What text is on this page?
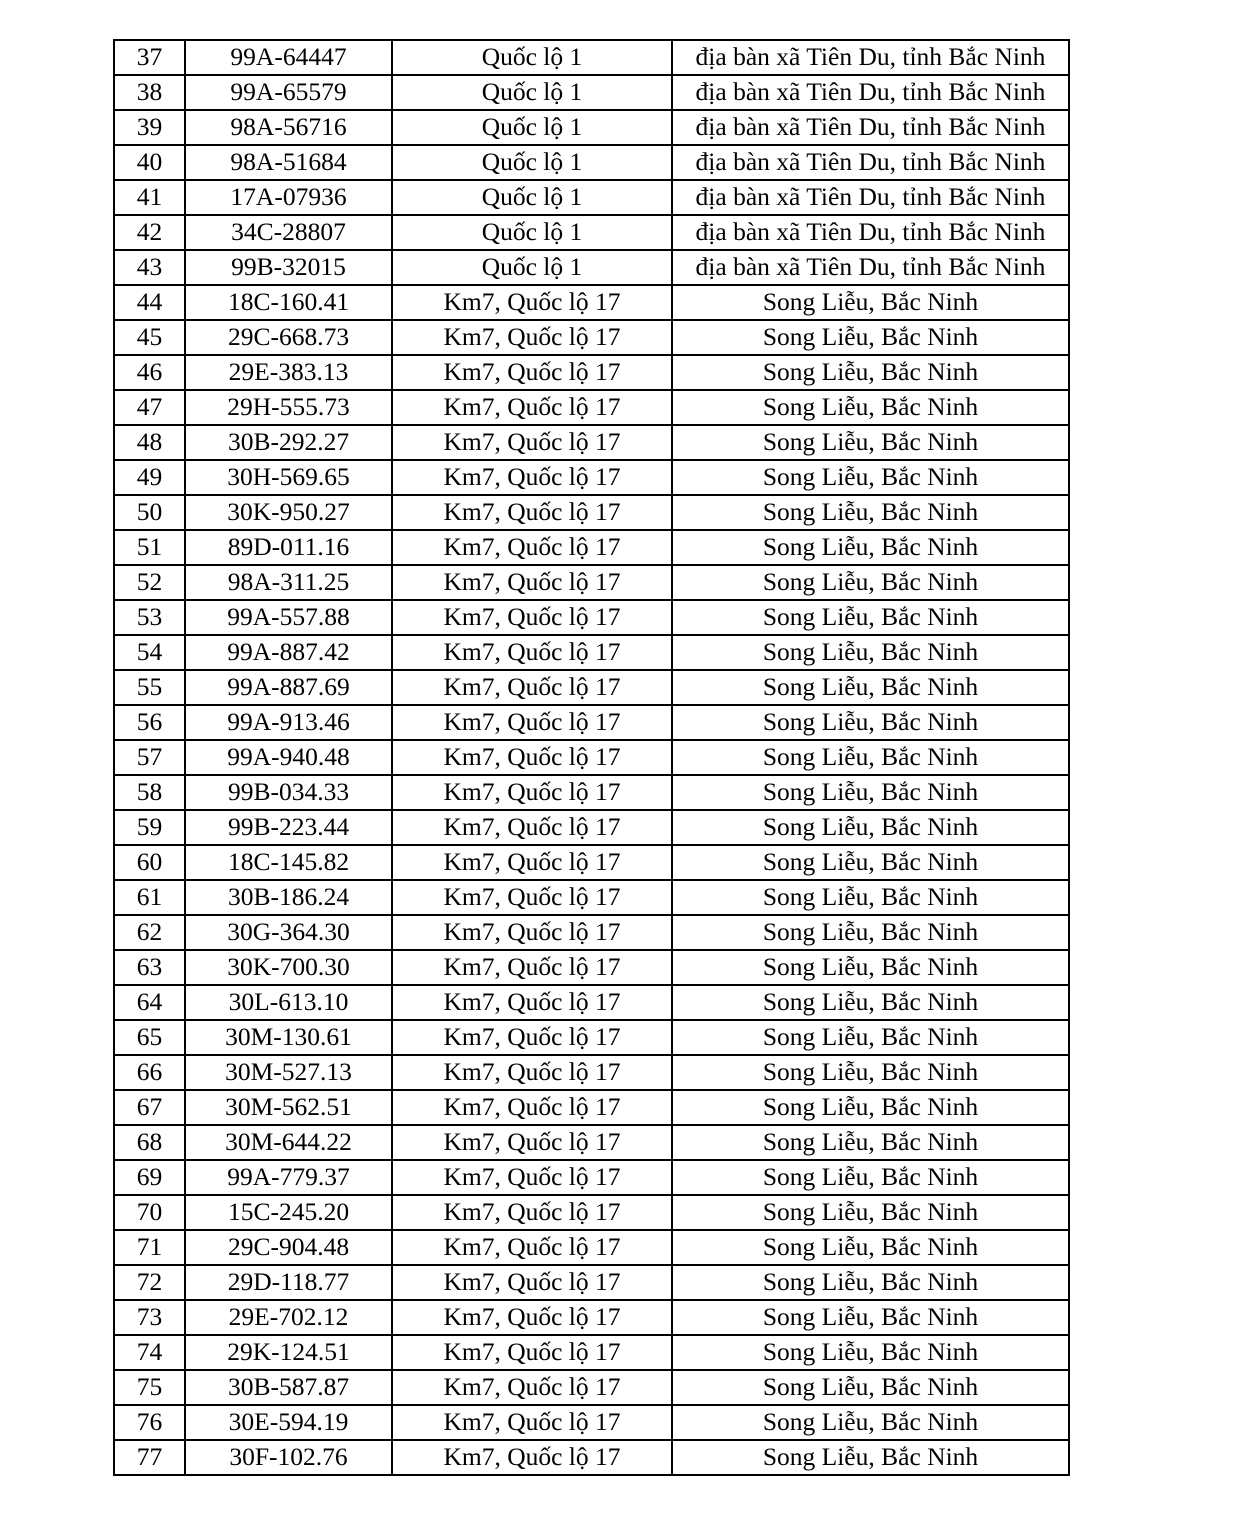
37	99A-64447	Quốc lộ 1	địa bàn xã Tiên Du, tỉnh Bắc Ninh
38	99A-65579	Quốc lộ 1	địa bàn xã Tiên Du, tỉnh Bắc Ninh
39	98A-56716	Quốc lộ 1	địa bàn xã Tiên Du, tỉnh Bắc Ninh
40	98A-51684	Quốc lộ 1	địa bàn xã Tiên Du, tỉnh Bắc Ninh
41	17A-07936	Quốc lộ 1	địa bàn xã Tiên Du, tỉnh Bắc Ninh
42	34C-28807	Quốc lộ 1	địa bàn xã Tiên Du, tỉnh Bắc Ninh
43	99B-32015	Quốc lộ 1	địa bàn xã Tiên Du, tỉnh Bắc Ninh
44	18C-160.41	Km7, Quốc lộ 17	Song Liễu, Bắc Ninh
45	29C-668.73	Km7, Quốc lộ 17	Song Liễu, Bắc Ninh
46	29E-383.13	Km7, Quốc lộ 17	Song Liễu, Bắc Ninh
47	29H-555.73	Km7, Quốc lộ 17	Song Liễu, Bắc Ninh
48	30B-292.27	Km7, Quốc lộ 17	Song Liễu, Bắc Ninh
49	30H-569.65	Km7, Quốc lộ 17	Song Liễu, Bắc Ninh
50	30K-950.27	Km7, Quốc lộ 17	Song Liễu, Bắc Ninh
51	89D-011.16	Km7, Quốc lộ 17	Song Liễu, Bắc Ninh
52	98A-311.25	Km7, Quốc lộ 17	Song Liễu, Bắc Ninh
53	99A-557.88	Km7, Quốc lộ 17	Song Liễu, Bắc Ninh
54	99A-887.42	Km7, Quốc lộ 17	Song Liễu, Bắc Ninh
55	99A-887.69	Km7, Quốc lộ 17	Song Liễu, Bắc Ninh
56	99A-913.46	Km7, Quốc lộ 17	Song Liễu, Bắc Ninh
57	99A-940.48	Km7, Quốc lộ 17	Song Liễu, Bắc Ninh
58	99B-034.33	Km7, Quốc lộ 17	Song Liễu, Bắc Ninh
59	99B-223.44	Km7, Quốc lộ 17	Song Liễu, Bắc Ninh
60	18C-145.82	Km7, Quốc lộ 17	Song Liễu, Bắc Ninh
61	30B-186.24	Km7, Quốc lộ 17	Song Liễu, Bắc Ninh
62	30G-364.30	Km7, Quốc lộ 17	Song Liễu, Bắc Ninh
63	30K-700.30	Km7, Quốc lộ 17	Song Liễu, Bắc Ninh
64	30L-613.10	Km7, Quốc lộ 17	Song Liễu, Bắc Ninh
65	30M-130.61	Km7, Quốc lộ 17	Song Liễu, Bắc Ninh
66	30M-527.13	Km7, Quốc lộ 17	Song Liễu, Bắc Ninh
67	30M-562.51	Km7, Quốc lộ 17	Song Liễu, Bắc Ninh
68	30M-644.22	Km7, Quốc lộ 17	Song Liễu, Bắc Ninh
69	99A-779.37	Km7, Quốc lộ 17	Song Liễu, Bắc Ninh
70	15C-245.20	Km7, Quốc lộ 17	Song Liễu, Bắc Ninh
71	29C-904.48	Km7, Quốc lộ 17	Song Liễu, Bắc Ninh
72	29D-118.77	Km7, Quốc lộ 17	Song Liễu, Bắc Ninh
73	29E-702.12	Km7, Quốc lộ 17	Song Liễu, Bắc Ninh
74	29K-124.51	Km7, Quốc lộ 17	Song Liễu, Bắc Ninh
75	30B-587.87	Km7, Quốc lộ 17	Song Liễu, Bắc Ninh
76	30E-594.19	Km7, Quốc lộ 17	Song Liễu, Bắc Ninh
77	30F-102.76	Km7, Quốc lộ 17	Song Liễu, Bắc Ninh
